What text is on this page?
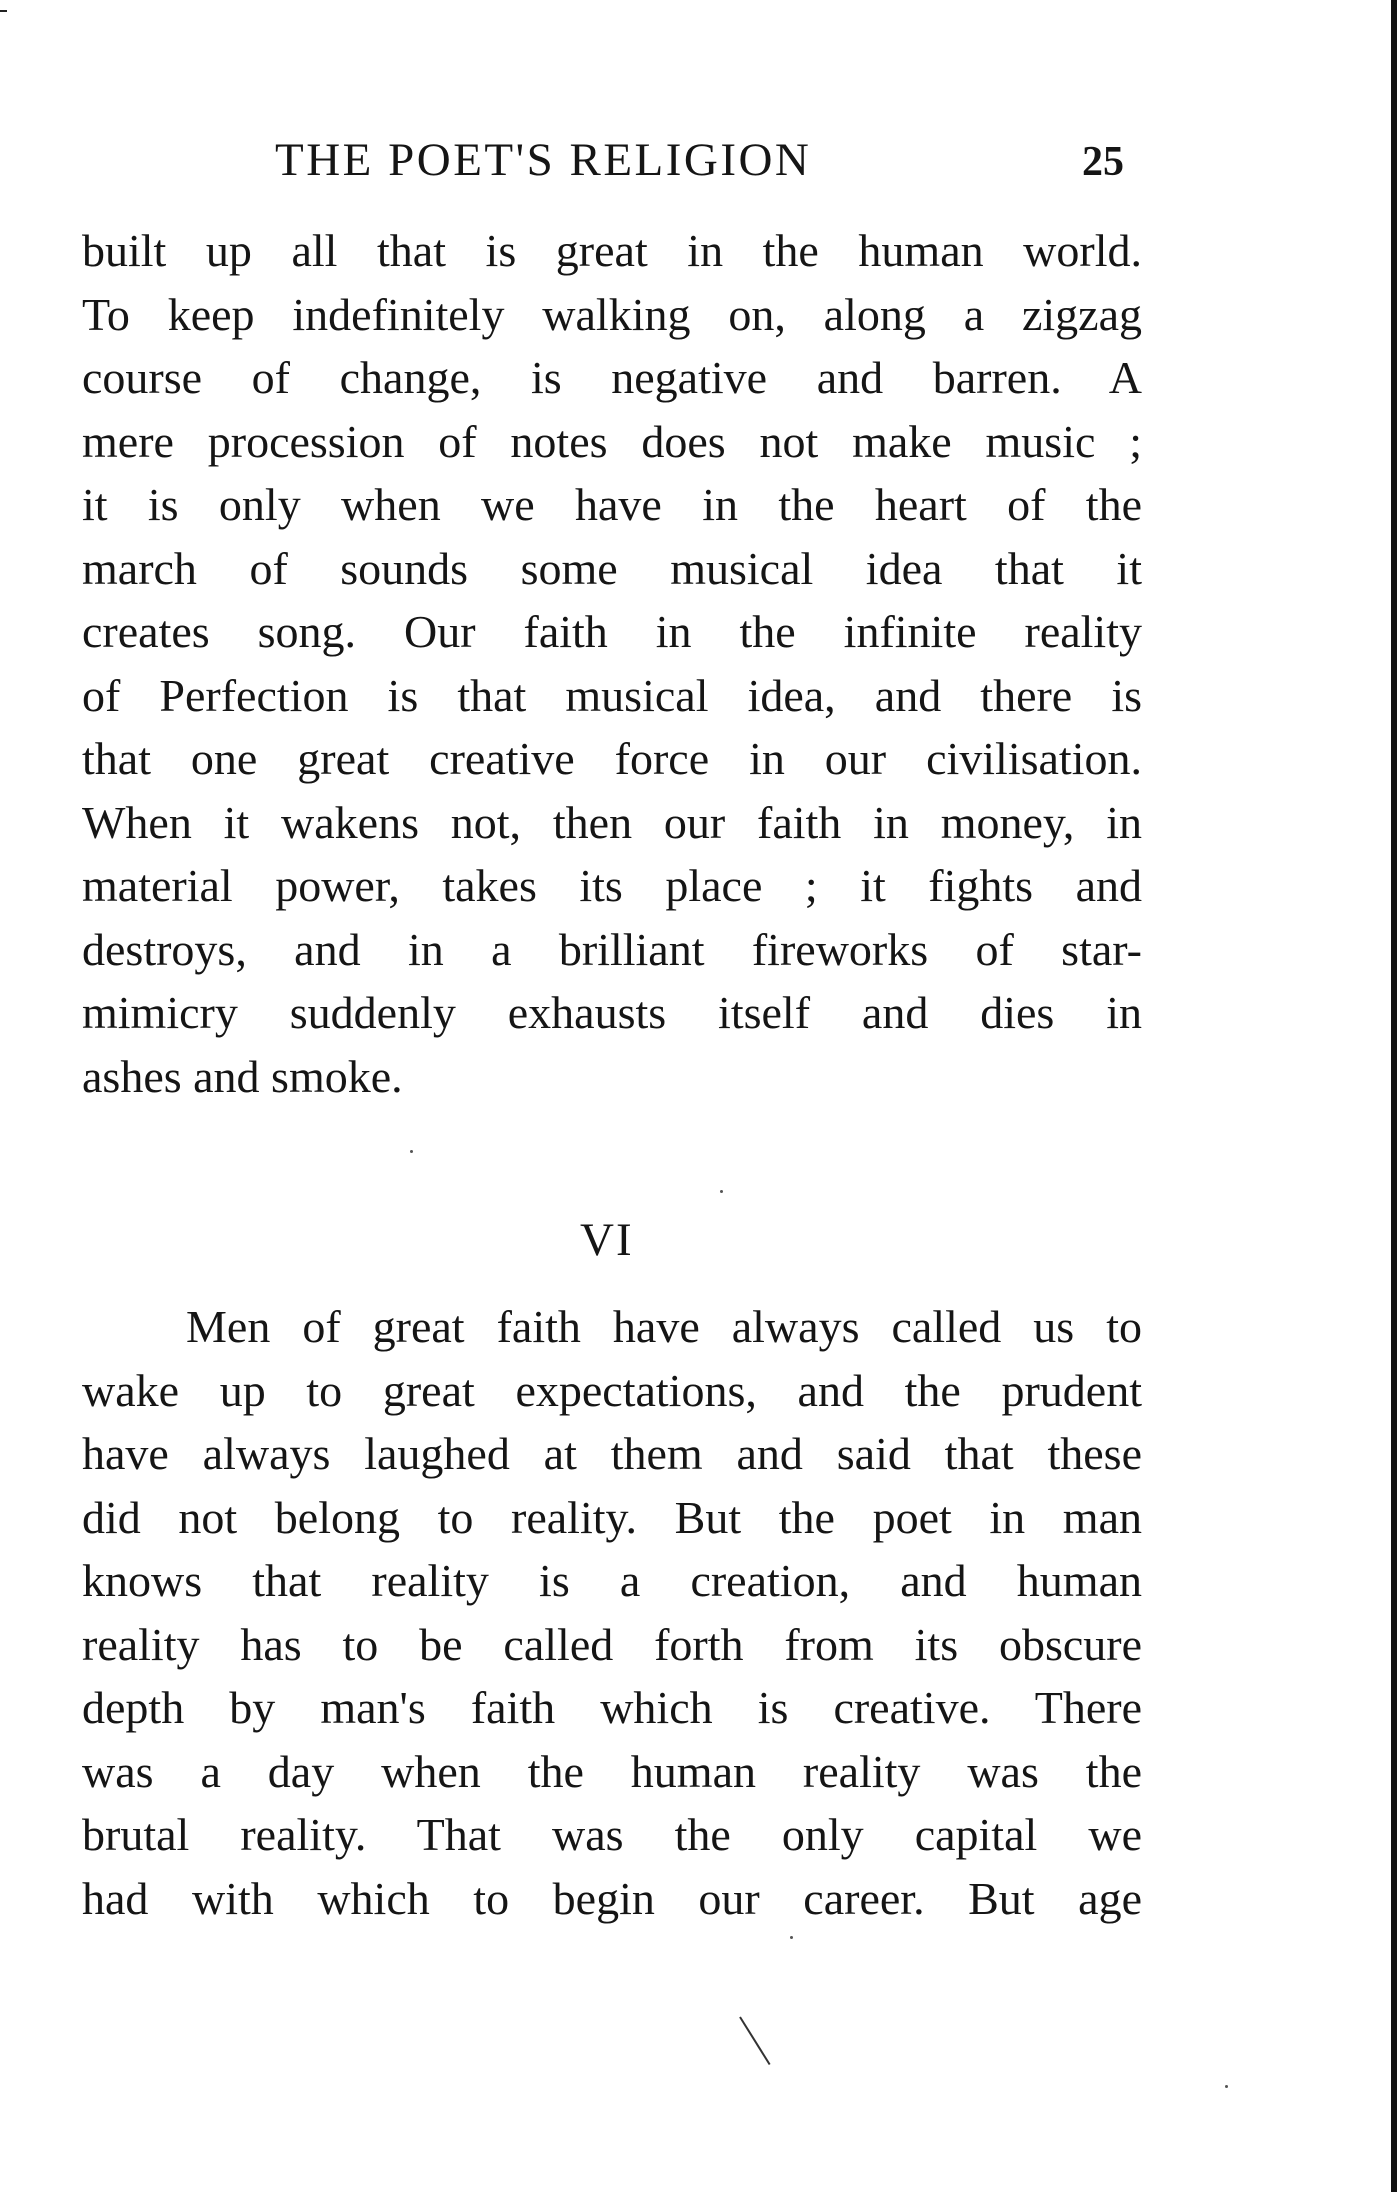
THE POET'S RELIGION	25
built up all that is great in the human world.
To keep indefinitely walking on, along a zigzag
course of change, is negative and barren. A
mere procession of notes does not make music ;
it is only when we have in the heart of the
march of sounds some musical idea that it
creates song. Our faith in the infinite reality
of Perfection is that musical idea, and there is
that one great creative force in our civilisation.
When it wakens not, then our faith in money, in
material power, takes its place ; it fights and
destroys, and in a brilliant fireworks of star-
mimicry suddenly exhausts itself and dies in
ashes and smoke.
VI
Men of great faith have always called us to
wake up to great expectations, and the prudent
have always laughed at them and said that these
did not belong to reality. But the poet in man
knows that reality is a creation, and human
reality has to be called forth from its obscure
depth by man's faith which is creative. There
was a day when the human reality was the
brutal reality. That was the only capital we
had with which to begin our career. But age
